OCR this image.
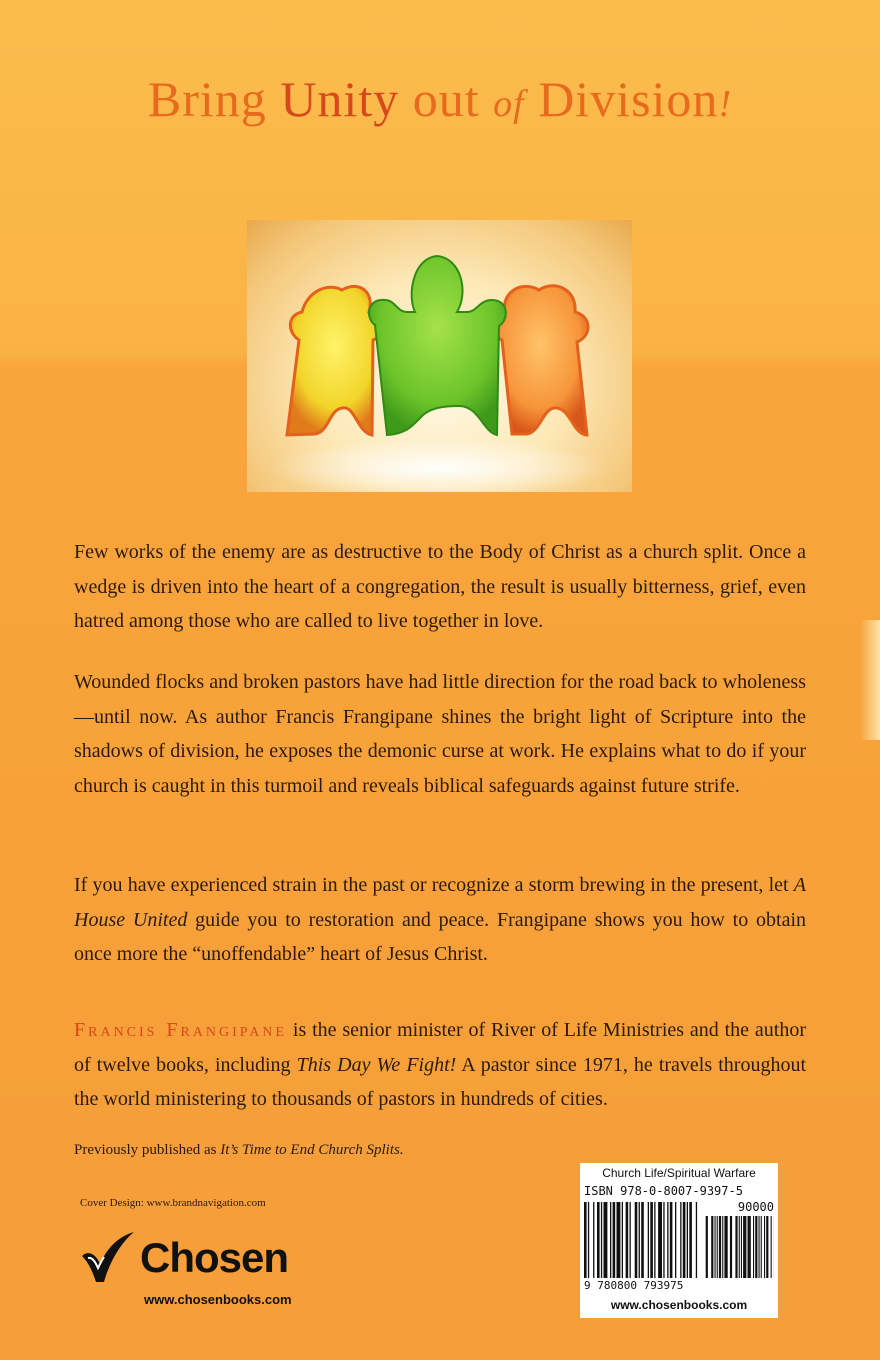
Bring Unity out of Division!
Few works of the enemy are as destructive to the Body of Christ as a church split. Once a wedge is driven into the heart of a congregation, the result is usually bitterness, grief, even hatred among those who are called to live together in love.
Wounded flocks and broken pastors have had little direction for the road back to wholeness—until now. As author Francis Frangipane shines the bright light of Scripture into the shadows of division, he exposes the demonic curse at work. He explains what to do if your church is caught in this turmoil and reveals biblical safeguards against future strife.
If you have experienced strain in the past or recognize a storm brewing in the present, let A House United guide you to restoration and peace. Frangipane shows you how to obtain once more the “unoffendable” heart of Jesus Christ.
Francis Frangipane is the senior minister of River of Life Ministries and the author of twelve books, including This Day We Fight! A pastor since 1971, he travels throughout the world ministering to thousands of pastors in hundreds of cities.
Previously published as It’s Time to End Church Splits.
Cover Design: www.brandnavigation.com
Chosen
www.chosenbooks.com
Church Life/Spiritual Warfare
ISBN 978-0-8007-9397-5
90000
9 780800 793975
www.chosenbooks.com
